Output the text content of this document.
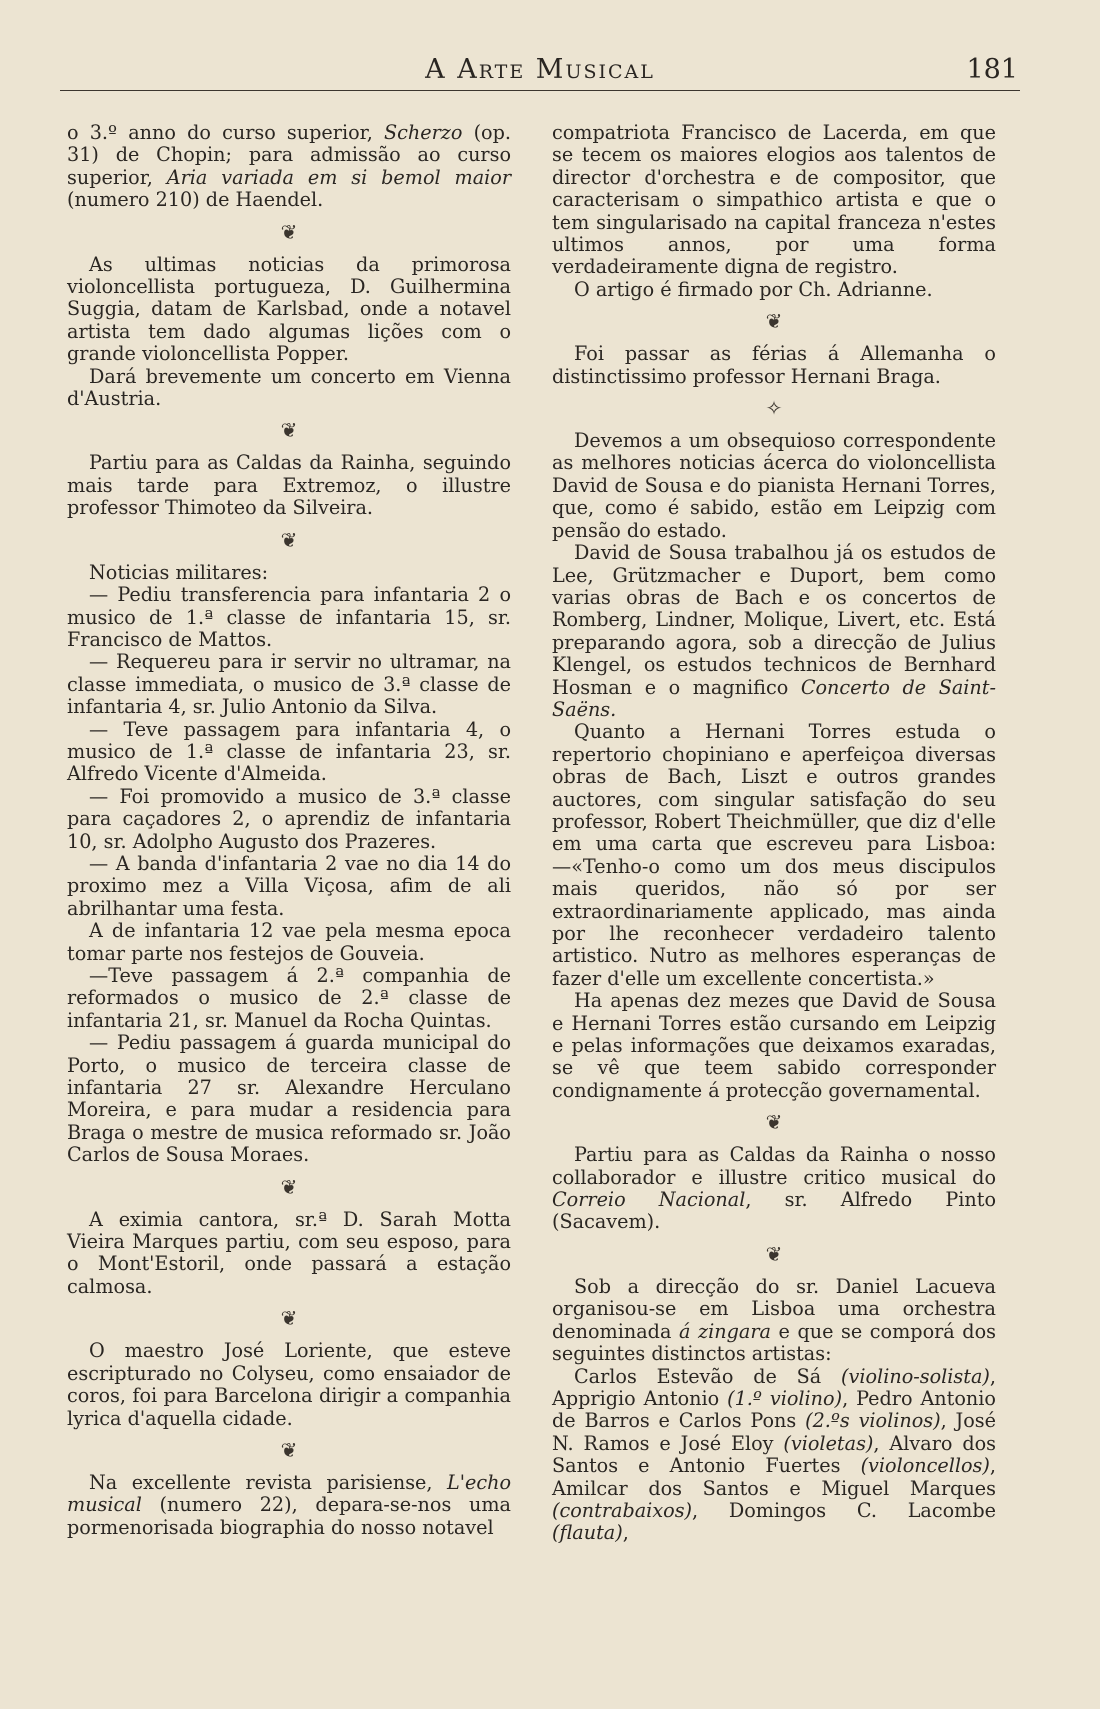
A Arte Musical	181

o 3.º anno do curso superior, Scherzo (op. 31) de Chopin; para admissão ao curso superior, Aria variada em si bemol maior (numero 210) de Haendel.

❦

As ultimas noticias da primorosa violoncellista portugueza, D. Guilhermina Suggia, datam de Karlsbad, onde a notavel artista tem dado algumas lições com o grande violoncellista Popper.

Dará brevemente um concerto em Vienna d'Austria.

❦

Partiu para as Caldas da Rainha, seguindo mais tarde para Extremoz, o illustre professor Thimoteo da Silveira.

❦

Noticias militares:

— Pediu transferencia para infantaria 2 o musico de 1.ª classe de infantaria 15, sr. Francisco de Mattos.

— Requereu para ir servir no ultramar, na classe immediata, o musico de 3.ª classe de infantaria 4, sr. Julio Antonio da Silva.

— Teve passagem para infantaria 4, o musico de 1.ª classe de infantaria 23, sr. Alfredo Vicente d'Almeida.

— Foi promovido a musico de 3.ª classe para caçadores 2, o aprendiz de infantaria 10, sr. Adolpho Augusto dos Prazeres.

— A banda d'infantaria 2 vae no dia 14 do proximo mez a Villa Viçosa, afim de ali abrilhantar uma festa.

A de infantaria 12 vae pela mesma epoca tomar parte nos festejos de Gouveia.

—Teve passagem á 2.ª companhia de reformados o musico de 2.ª classe de infantaria 21, sr. Manuel da Rocha Quintas.

— Pediu passagem á guarda municipal do Porto, o musico de terceira classe de infantaria 27 sr. Alexandre Herculano Moreira, e para mudar a residencia para Braga o mestre de musica reformado sr. João Carlos de Sousa Moraes.

❦

A eximia cantora, sr.ª D. Sarah Motta Vieira Marques partiu, com seu esposo, para o Mont'Estoril, onde passará a estação calmosa.

❦

O maestro José Loriente, que esteve escripturado no Colyseu, como ensaiador de coros, foi para Barcelona dirigir a companhia lyrica d'aquella cidade.

❦

Na excellente revista parisiense, L'echo musical (numero 22), depara-se-nos uma pormenorisada biographia do nosso notavel

compatriota Francisco de Lacerda, em que se tecem os maiores elogios aos talentos de director d'orchestra e de compositor, que caracterisam o simpathico artista e que o tem singularisado na capital franceza n'estes ultimos annos, por uma forma verdadeiramente digna de registro.

O artigo é firmado por Ch. Adrianne.

❦

Foi passar as férias á Allemanha o distinctissimo professor Hernani Braga.

✧

Devemos a um obsequioso correspondente as melhores noticias ácerca do violoncellista David de Sousa e do pianista Hernani Torres, que, como é sabido, estão em Leipzig com pensão do estado.

David de Sousa trabalhou já os estudos de Lee, Grützmacher e Duport, bem como varias obras de Bach e os concertos de Romberg, Lindner, Molique, Livert, etc. Está preparando agora, sob a direcção de Julius Klengel, os estudos technicos de Bernhard Hosman e o magnifico Concerto de Saint-Saëns.

Quanto a Hernani Torres estuda o repertorio chopiniano e aperfeiçoa diversas obras de Bach, Liszt e outros grandes auctores, com singular satisfação do seu professor, Robert Theichmüller, que diz d'elle em uma carta que escreveu para Lisboa: —«Tenho-o como um dos meus discipulos mais queridos, não só por ser extraordinariamente applicado, mas ainda por lhe reconhecer verdadeiro talento artistico. Nutro as melhores esperanças de fazer d'elle um excellente concertista.»

Ha apenas dez mezes que David de Sousa e Hernani Torres estão cursando em Leipzig e pelas informações que deixamos exaradas, se vê que teem sabido corresponder condignamente á protecção governamental.

❦

Partiu para as Caldas da Rainha o nosso collaborador e illustre critico musical do Correio Nacional, sr. Alfredo Pinto (Sacavem).

❦

Sob a direcção do sr. Daniel Lacueva organisou-se em Lisboa uma orchestra denominada á zingara e que se comporá dos seguintes distinctos artistas:

Carlos Estevão de Sá (violino-solista), Apprigio Antonio (1.º violino), Pedro Antonio de Barros e Carlos Pons (2.ºs violinos), José N. Ramos e José Eloy (violetas), Alvaro dos Santos e Antonio Fuertes (violoncellos), Amilcar dos Santos e Miguel Marques (contrabaixos), Domingos C. Lacombe (flauta),
